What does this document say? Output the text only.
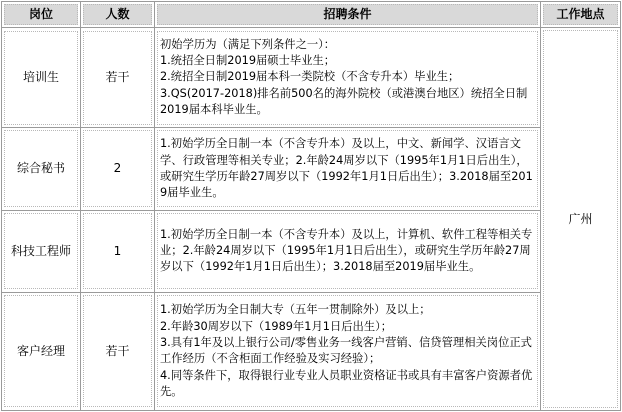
岗位	人数	招聘条件	工作地点

培训生	若干	初始学历为（满足下列条件之一）：
1.统招全日制2019届硕士毕业生；
2.统招全日制2019届本科一类院校（不含专升本）毕业生；
3.QS(2017-2018)排名前500名的海外院校（或港澳台地区）统招全日制2019届本科毕业生。	广州

综合秘书	2	1.初始学历全日制一本（不含专升本）及以上，中文、新闻学、汉语言文学、行政管理等相关专业；2.年龄24周岁以下（1995年1月1日后出生），或研究生学历年龄27周岁以下（1992年1月1日后出生）；3.2018届至2019届毕业生。	

科技工程师	1	1.初始学历全日制一本（不含专升本）及以上，计算机、软件工程等相关专业；2.年龄24周岁以下（1995年1月1日后出生），或研究生学历年龄27周岁以下（1992年1月1日后出生）；3.2018届至2019届毕业生。	

客户经理	若干	1.初始学历为全日制大专（五年一贯制除外）及以上；
2.年龄30周岁以下（1989年1月1日后出生）；
3.具有1年及以上银行公司/零售业务一线客户营销、信贷管理相关岗位正式工作经历（不含柜面工作经验及实习经验）；
4.同等条件下，取得银行业专业人员职业资格证书或具有丰富客户资源者优先。	
